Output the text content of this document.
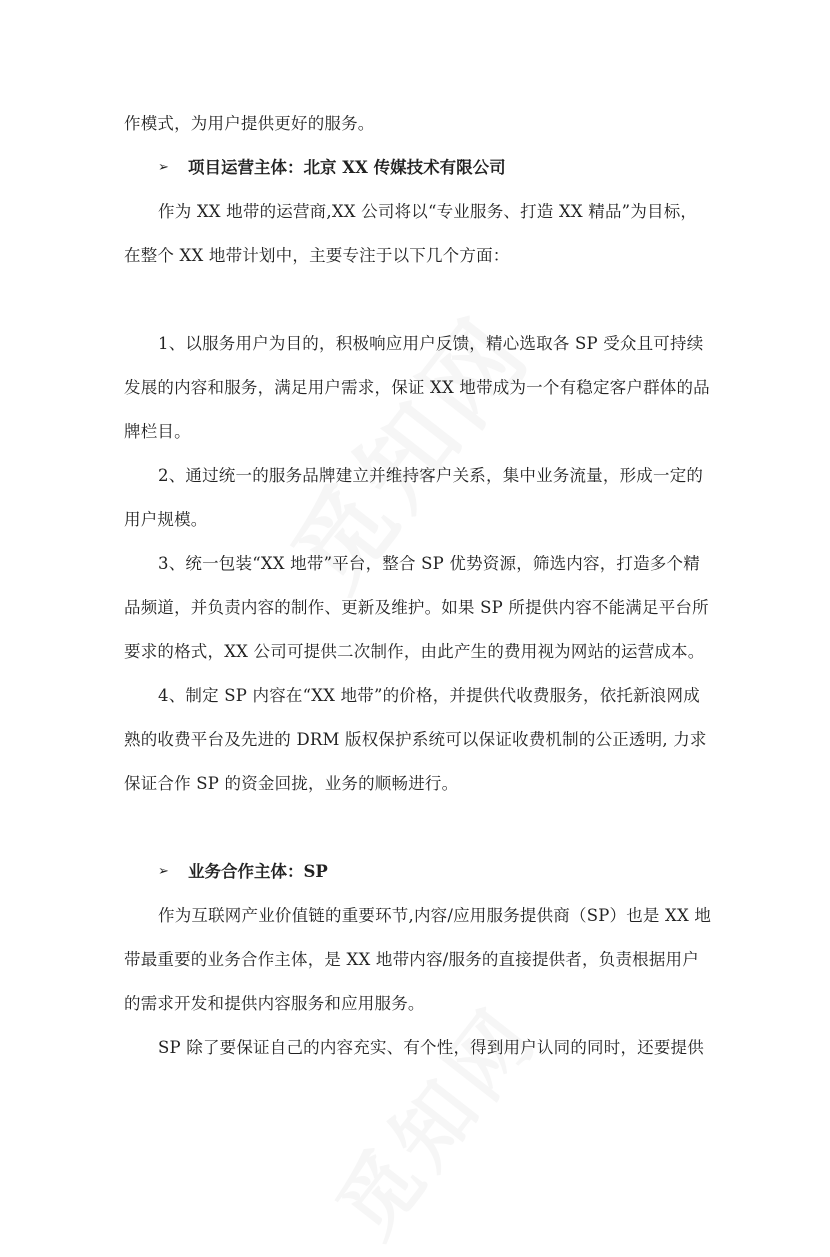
作模式，为用户提供更好的服务。
➢	项目运营主体：北京 XX 传媒技术有限公司
作为 XX 地带的运营商,XX 公司将以“专业服务、打造 XX 精品”为目标，
在整个 XX 地带计划中，主要专注于以下几个方面：
1、以服务用户为目的，积极响应用户反馈，精心选取各 SP 受众且可持续
发展的内容和服务，满足用户需求，保证 XX 地带成为一个有稳定客户群体的品
牌栏目。
2、通过统一的服务品牌建立并维持客户关系，集中业务流量，形成一定的
用户规模。
3、统一包装“XX 地带”平台，整合 SP 优势资源，筛选内容，打造多个精
品频道，并负责内容的制作、更新及维护。如果 SP 所提供内容不能满足平台所
要求的格式，XX 公司可提供二次制作，由此产生的费用视为网站的运营成本。
4、制定 SP 内容在“XX 地带”的价格，并提供代收费服务，依托新浪网成
熟的收费平台及先进的 DRM 版权保护系统可以保证收费机制的公正透明, 力求
保证合作 SP 的资金回拢，业务的顺畅进行。
➢	业务合作主体：SP
作为互联网产业价值链的重要环节,内容/应用服务提供商（SP）也是 XX 地
带最重要的业务合作主体，是 XX 地带内容/服务的直接提供者，负责根据用户
的需求开发和提供内容服务和应用服务。
SP 除了要保证自己的内容充实、有个性，得到用户认同的同时，还要提供
